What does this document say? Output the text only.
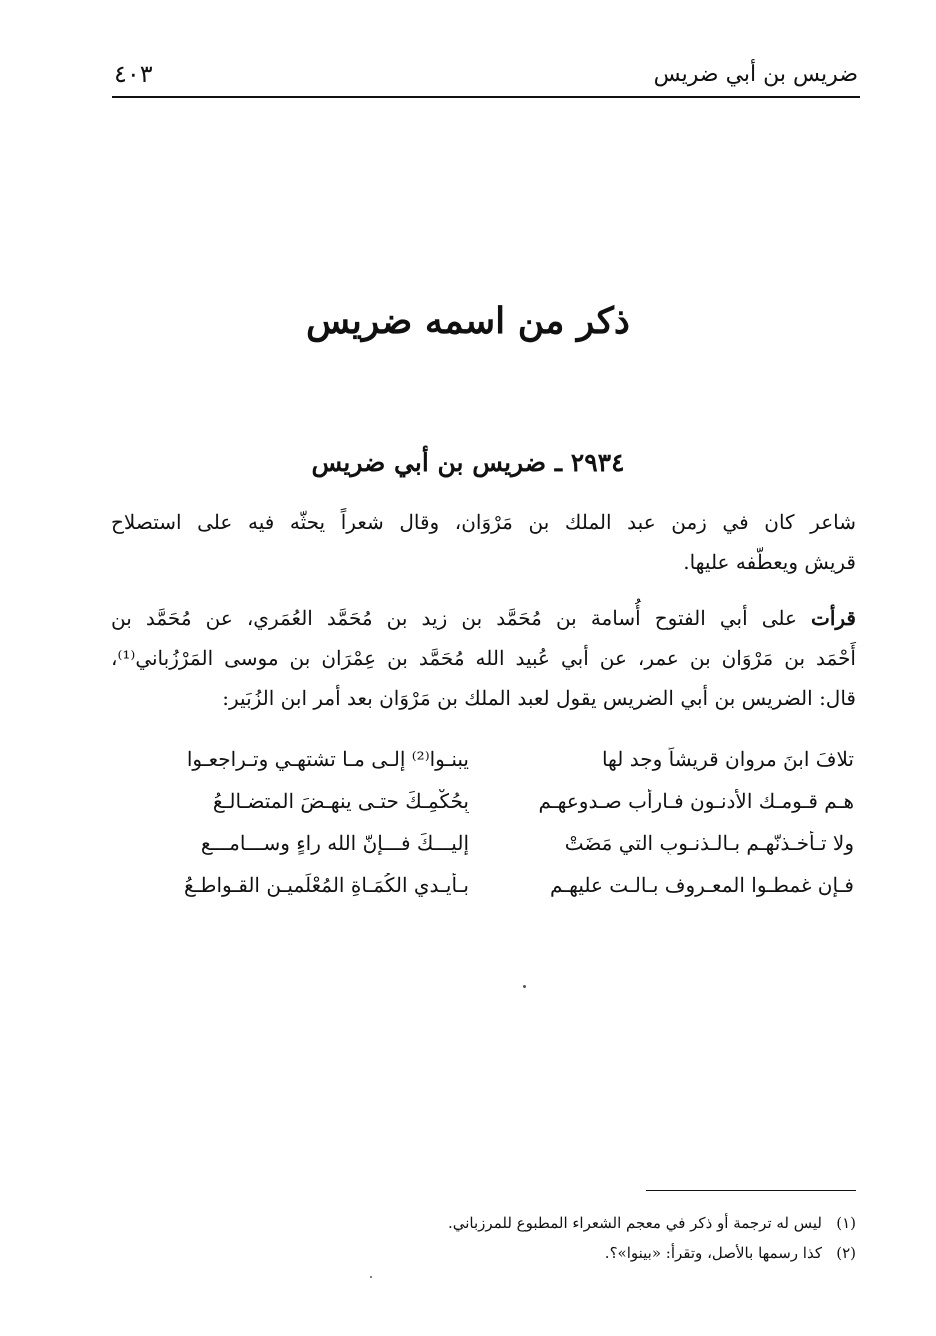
ضريس بن أبي ضريس
٤٠٣
ذكر من اسمه ضريس
٢٩٣٤ ـ ضريس بن أبي ضريس
شاعر كان في زمن عبد الملك بن مَرْوَان، وقال شعراً يحثّه فيه على استصلاح
قريش ويعطّفه عليها.
قرأت على أبي الفتوح أُسامة بن مُحَمَّد بن زيد بن مُحَمَّد العُمَري، عن مُحَمَّد بن
أَحْمَد بن مَرْوَان بن عمر، عن أبي عُبيد الله مُحَمَّد بن عِمْرَان بن موسى المَرْزُباني⁽¹⁾،
قال: الضريس بن أبي الضريس يقول لعبد الملك بن مَرْوَان بعد أمر ابن الزُبَير:
تلافَ ابنَ مروان قريشاً وجد لها
يبنـوا⁽²⁾ إلـى مـا تشتهـي وتـراجعـوا
هـم قـومـك الأدنـون فـارأب صـدوعهـم
بِحُكْمِـكَ حتـى ينهـضَ المتضـالـعُ
ولا تـأخـذنّهـم بـالـذنـوبِ التي مَضَتْ
إليـــكَ فـــإنّ الله راءٍ وســـامـــع
فـإن غمطـوا المعـروف بـالـت عليهـم
بـأيـدي الكُمَـاةِ المُعْلَميـن القـواطـعُ
(١)ليس له ترجمة أو ذكر في معجم الشعراء المطبوع للمرزباني.
(٢)كذا رسمها بالأصل، وتقرأ: «بينوا»؟.
